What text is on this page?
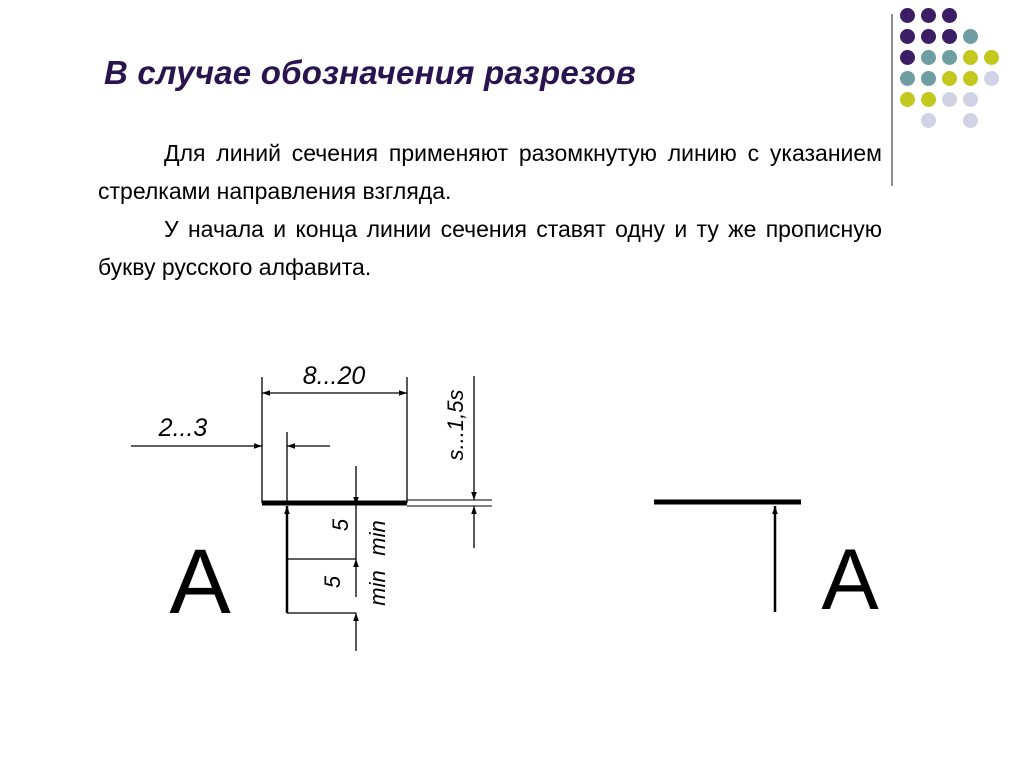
В случае обозначения разрезов

Для линий сечения применяют разомкнутую линию с указанием стрелками направления взгляда.

У начала и конца линии сечения ставят одну и ту же прописную букву русского алфавита.

8...20
2...3	s...1,5s
5 min
5 min
А	А
